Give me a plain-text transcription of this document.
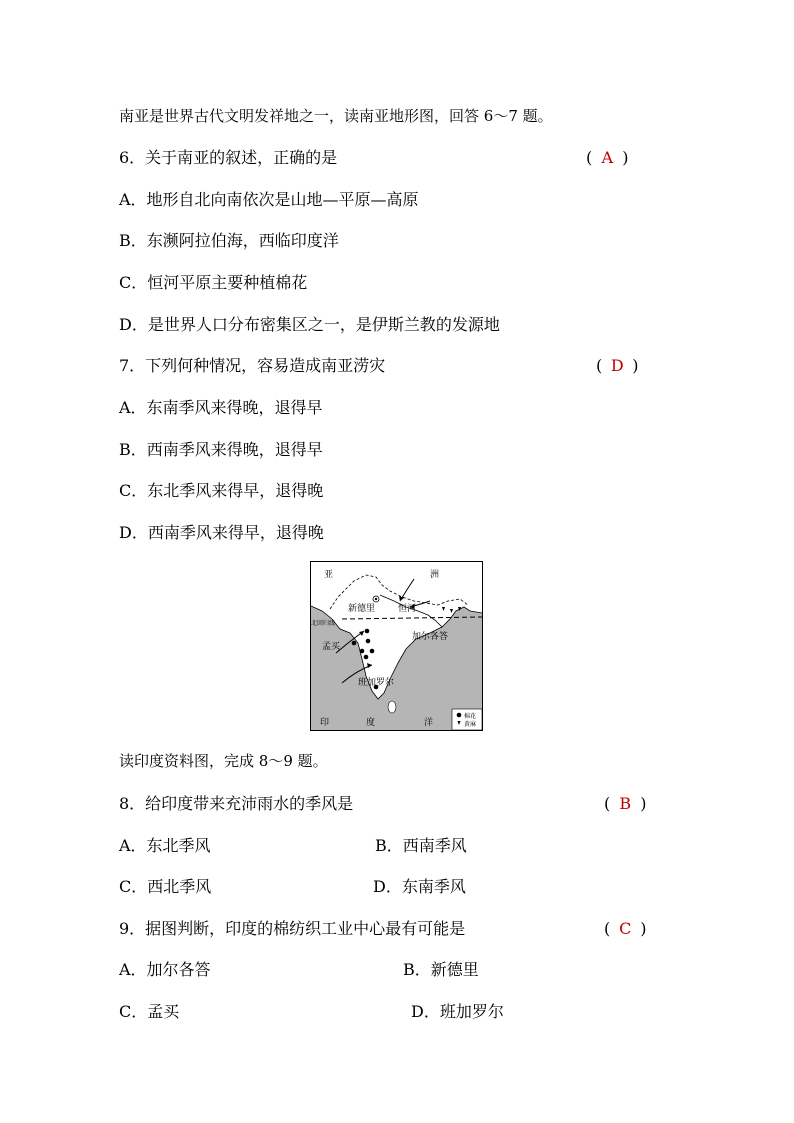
南亚是世界古代文明发祥地之一，读南亚地形图，回答 6～7 题。
6．关于南亚的叙述，正确的是	( A )
A．地形自北向南依次是山地—平原—高原
B．东濒阿拉伯海，西临印度洋
C．恒河平原主要种植棉花
D．是世界人口分布密集区之一，是伊斯兰教的发源地
7．下列何种情况，容易造成南亚涝灾	( D )
A．东南季风来得晚，退得早
B．西南季风来得晚，退得早
C．东北季风来得早，退得晚
D．西南季风来得早，退得晚
亚	洲
新德里	恒河
北回归线
孟买
加尔各答
班加罗尔
印	度	洋
棉花
黄麻
读印度资料图，完成 8～9 题。
8．给印度带来充沛雨水的季风是	( B )
A．东北季风	B．西南季风
C．西北季风	D．东南季风
9．据图判断，印度的棉纺织工业中心最有可能是	( C )
A．加尔各答	B．新德里
C．孟买	D．班加罗尔
